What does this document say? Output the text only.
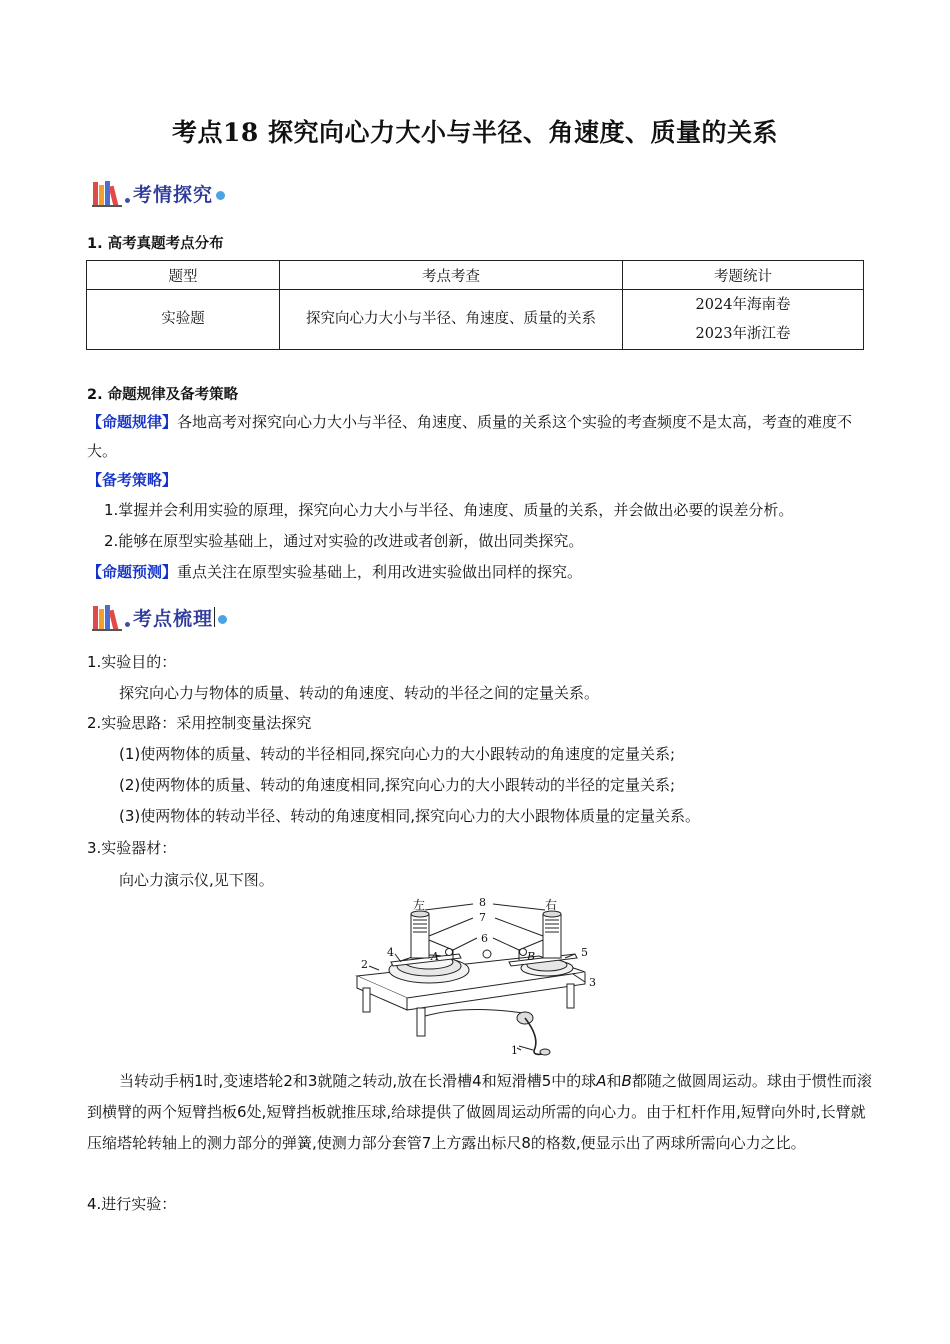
考点18 探究向心力大小与半径、角速度、质量的关系
考情探究
1. 高考真题考点分布
题型	考点考查	考题统计
实验题	探究向心力大小与半径、角速度、质量的关系	2024年海南卷
2023年浙江卷
2. 命题规律及备考策略
【命题规律】各地高考对探究向心力大小与半径、角速度、质量的关系这个实验的考查频度不是太高，考查的难度不大。
【备考策略】
1.掌握并会利用实验的原理，探究向心力大小与半径、角速度、质量的关系，并会做出必要的误差分析。
2.能够在原型实验基础上，通过对实验的改进或者创新，做出同类探究。
【命题预测】重点关注在原型实验基础上，利用改进实验做出同样的探究。
考点梳理
1.实验目的：
探究向心力与物体的质量、转动的角速度、转动的半径之间的定量关系。
2.实验思路：采用控制变量法探究
(1)使两物体的质量、转动的半径相同,探究向心力的大小跟转动的角速度的定量关系;
(2)使两物体的质量、转动的角速度相同,探究向心力的大小跟转动的半径的定量关系;
(3)使两物体的转动半径、转动的角速度相同,探究向心力的大小跟物体质量的定量关系。
3.实验器材：
向心力演示仪,见下图。
左	右
8
7
6
4	5
2
3
1
A	B
当转动手柄1时,变速塔轮2和3就随之转动,放在长滑槽4和短滑槽5中的球A和B都随之做圆周运动。球由于惯性而滚到横臂的两个短臂挡板6处,短臂挡板就推压球,给球提供了做圆周运动所需的向心力。由于杠杆作用,短臂向外时,长臂就压缩塔轮转轴上的测力部分的弹簧,使测力部分套管7上方露出标尺8的格数,便显示出了两球所需向心力之比。
4.进行实验：
